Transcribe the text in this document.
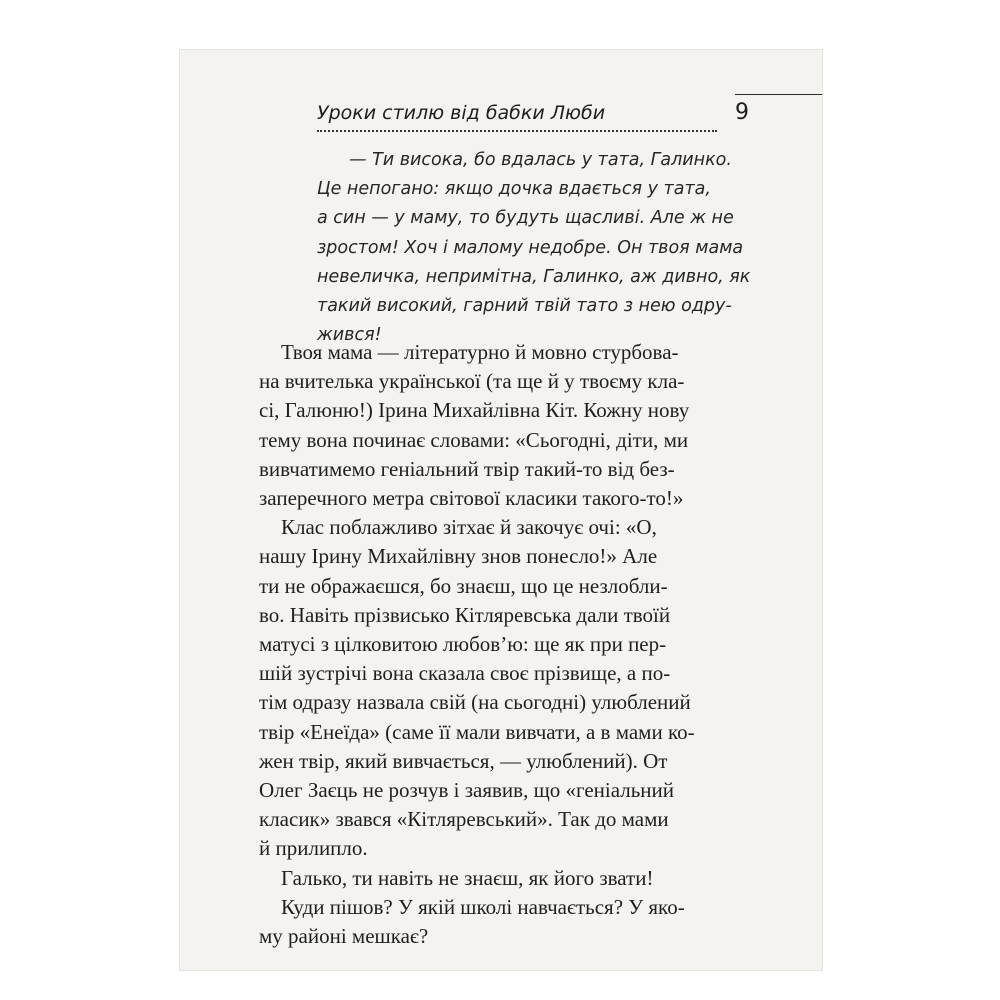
Уроки стилю від бабки Люби	9
— Ти висока, бо вдалась у тата, Галинко.
Це непогано: якщо дочка вдається у тата,
а син — у маму, то будуть щасливі. Але ж не
зростом! Хоч і малому недобре. Он твоя мама
невеличка, непримітна, Галинко, аж дивно, як
такий високий, гарний твій тато з нею одру-
жився!
Твоя мама — літературно й мовно стурбова-
на вчителька української (та ще й у твоєму кла-
сі, Галюню!) Ірина Михайлівна Кіт. Кожну нову
тему вона починає словами: «Сьогодні, діти, ми
вивчатимемо геніальний твір такий-то від без-
заперечного метра світової класики такого-то!»
Клас поблажливо зітхає й закочує очі: «О,
нашу Ірину Михайлівну знов понесло!» Але
ти не ображаєшся, бо знаєш, що це незлобли-
во. Навіть прізвисько Кітляревська дали твоїй
матусі з цілковитою любов’ю: ще як при пер-
шій зустрічі вона сказала своє прізвище, а по-
тім одразу назвала свій (на сьогодні) улюблений
твір «Енеїда» (саме її мали вивчати, а в мами ко-
жен твір, який вивчається, — улюблений). От
Олег Заєць не розчув і заявив, що «геніальний
класик» звався «Кітляревський». Так до мами
й прилипло.
Галько, ти навіть не знаєш, як його звати!
Куди пішов? У якій школі навчається? У яко-
му районі мешкає?
